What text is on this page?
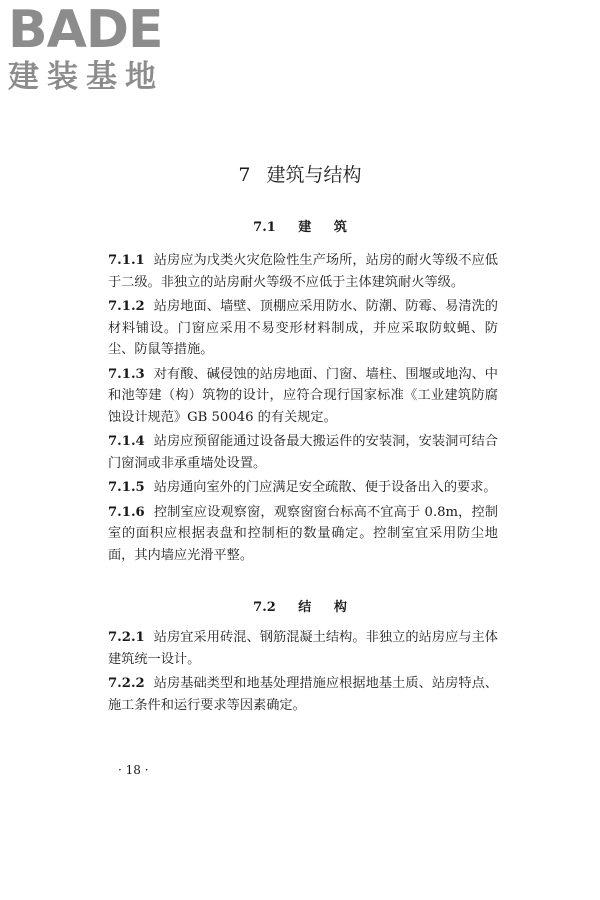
BADE
建装基地
7 建筑与结构
7.1 建 筑

7.1.1 站房应为戊类火灾危险性生产场所，站房的耐火等级不应低于二级。非独立的站房耐火等级不应低于主体建筑耐火等级。

7.1.2 站房地面、墙壁、顶棚应采用防水、防潮、防霉、易清洗的材料铺设。门窗应采用不易变形材料制成，并应采取防蚊蝇、防尘、防鼠等措施。

7.1.3 对有酸、碱侵蚀的站房地面、门窗、墙柱、围堰或地沟、中和池等建（构）筑物的设计，应符合现行国家标准《工业建筑防腐蚀设计规范》GB 50046 的有关规定。

7.1.4 站房应预留能通过设备最大搬运件的安装洞，安装洞可结合门窗洞或非承重墙处设置。

7.1.5 站房通向室外的门应满足安全疏散、便于设备出入的要求。

7.1.6 控制室应设观察窗，观察窗窗台标高不宜高于 0.8m，控制室的面积应根据表盘和控制柜的数量确定。控制室宜采用防尘地面，其内墙应光滑平整。

7.2 结 构

7.2.1 站房宜采用砖混、钢筋混凝土结构。非独立的站房应与主体建筑统一设计。

7.2.2 站房基础类型和地基处理措施应根据地基土质、站房特点、施工条件和运行要求等因素确定。

· 18 ·
